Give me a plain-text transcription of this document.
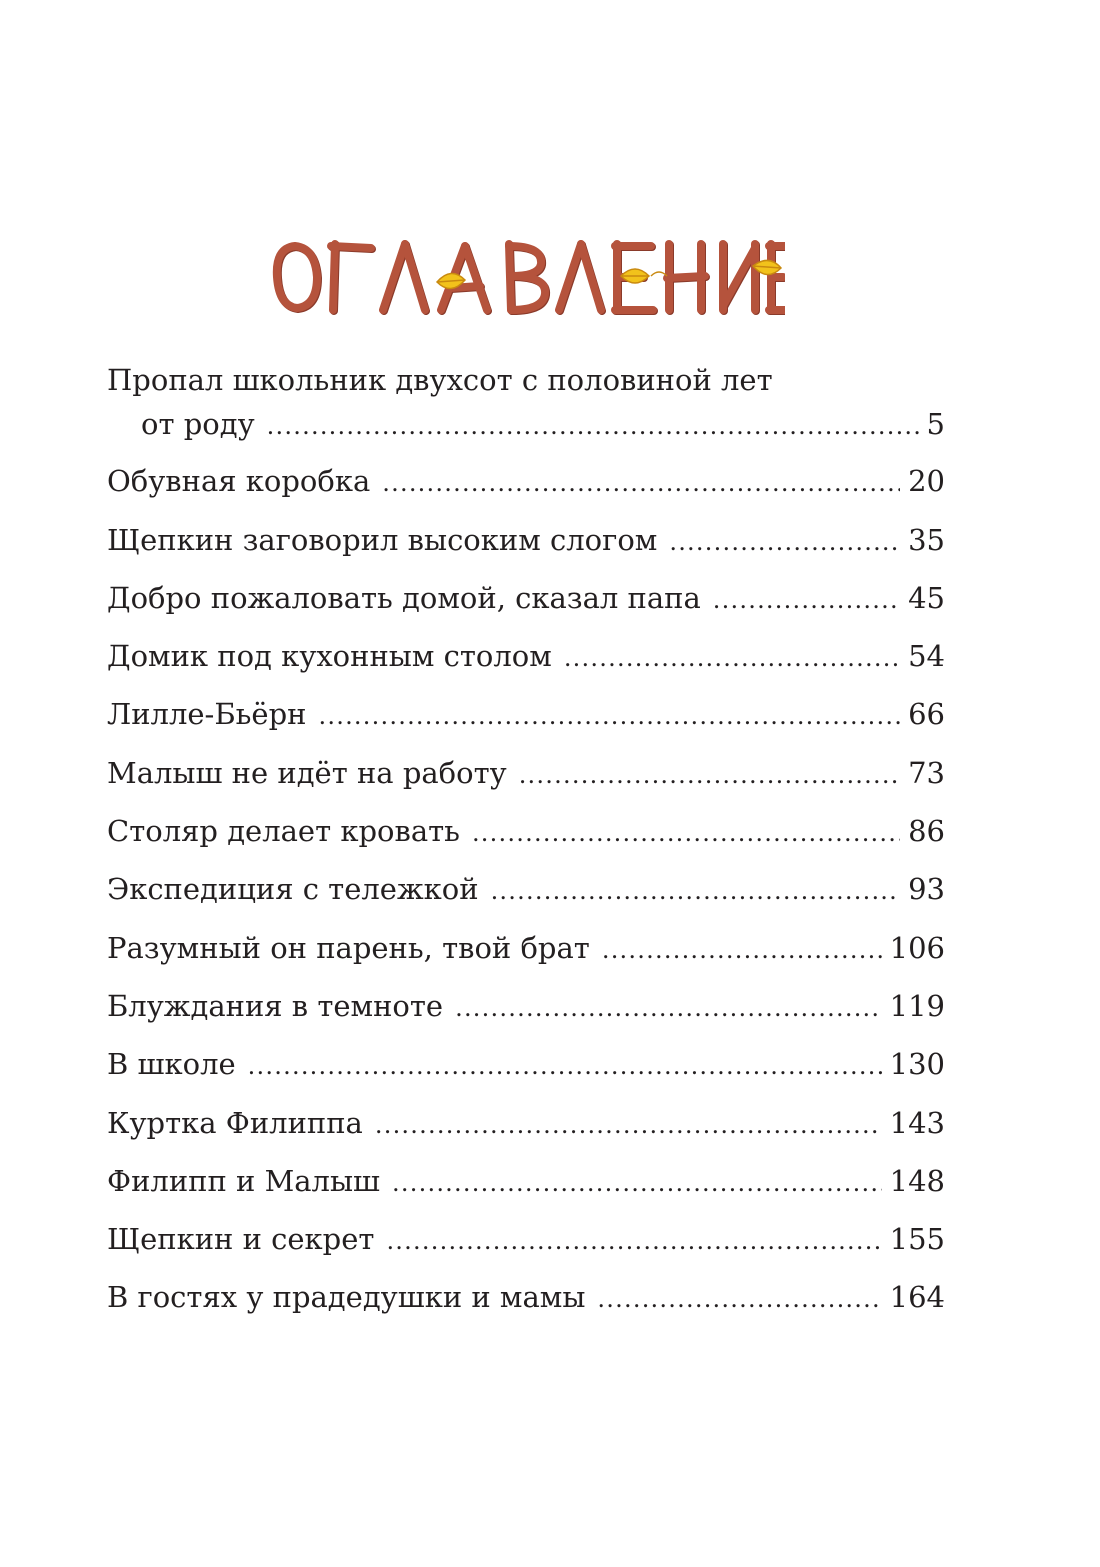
Пропал школьник двухсот с половиной лет
от роду . . .	5
Обувная коробка . . .	20
Щепкин заговорил высоким слогом . . .	35
Добро пожаловать домой, сказал папа . . .	45
Домик под кухонным столом . . .	54
Лилле-Бьёрн . . .	66
Малыш не идёт на работу . . .	73
Столяр делает кровать . . .	86
Экспедиция с тележкой . . .	93
Разумный он парень, твой брат . . .	106
Блуждания в темноте . . .	119
В школе . . .	130
Куртка Филиппа . . .	143
Филипп и Малыш . . .	148
Щепкин и секрет . . .	155
В гостях у прадедушки и мамы . . .	164
